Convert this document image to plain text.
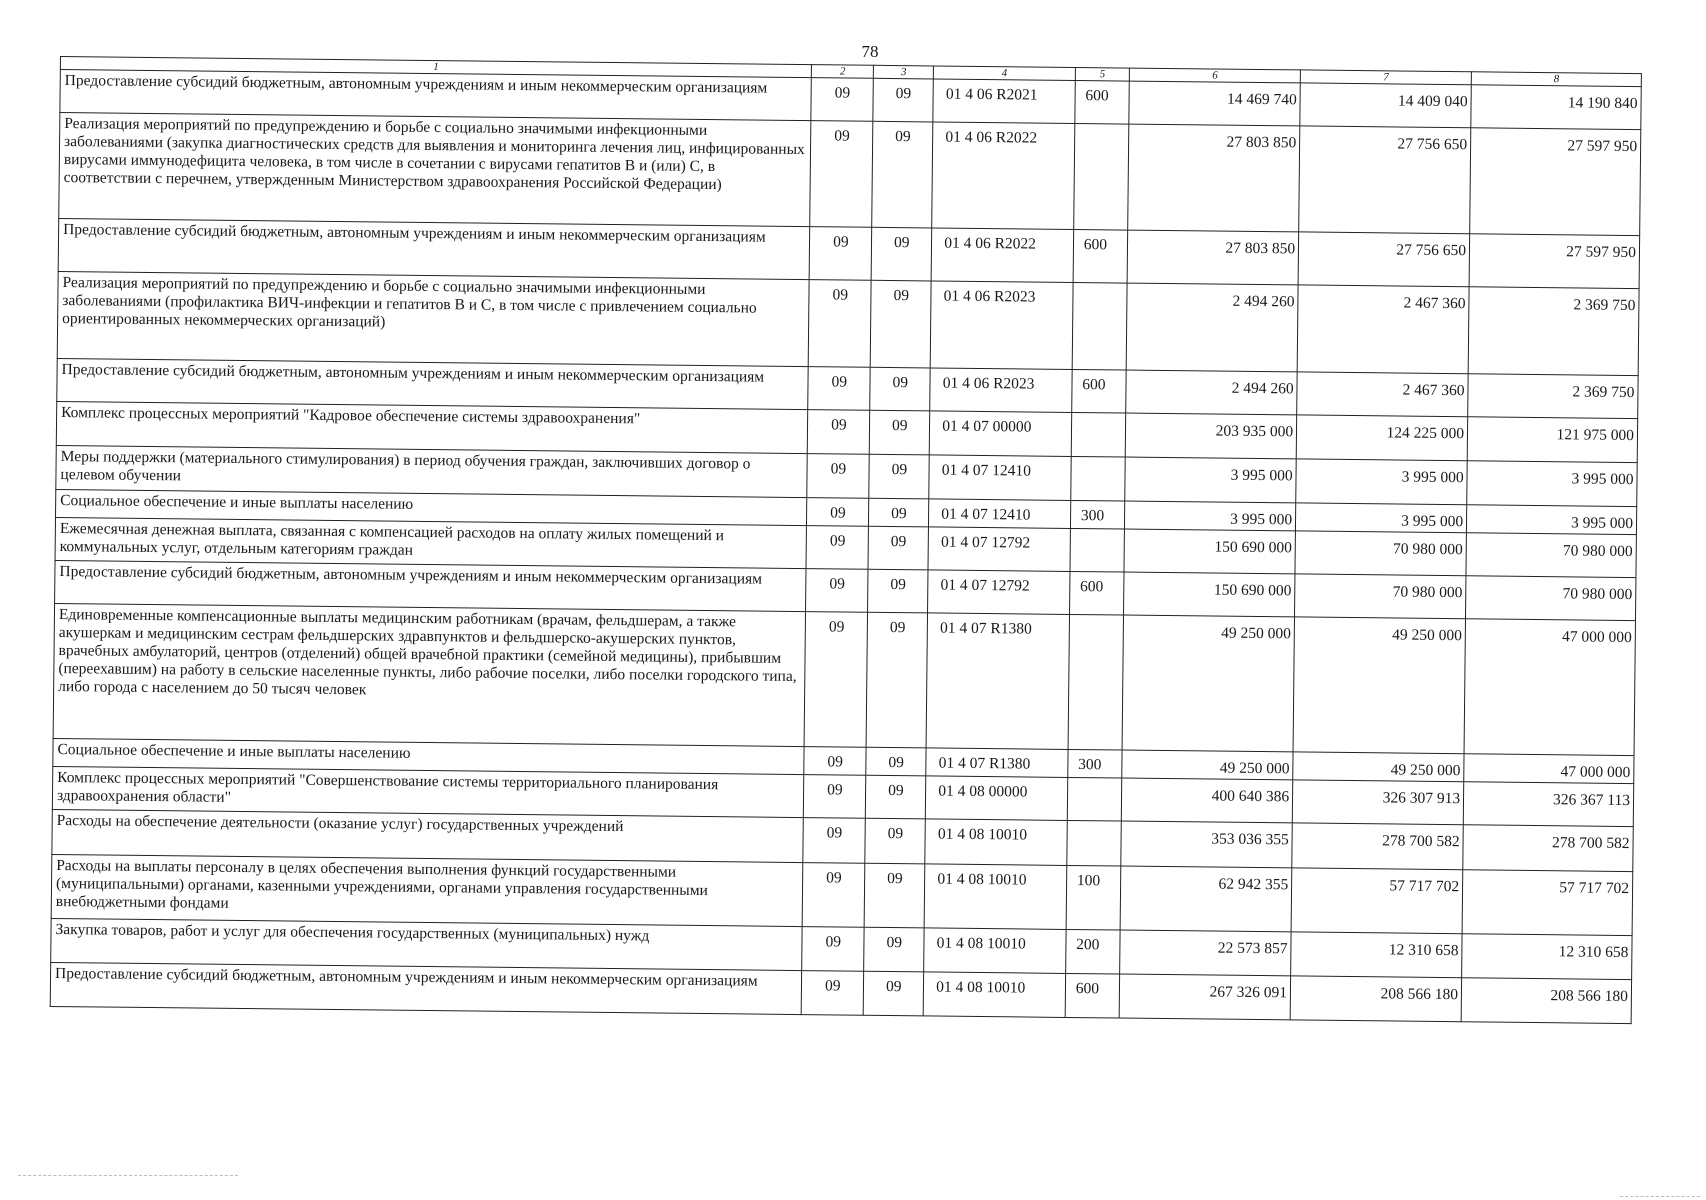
78
1	2	3	4	5	6	7	8
Предоставление субсидий бюджетным, автономным учреждениям и иным некоммерческим организациям	09	09	01 4 06 R2021	600	14 469 740	14 409 040	14 190 840
Реализация мероприятий по предупреждению и борьбе с социально значимыми инфекционными заболеваниями (закупка диагностических средств для выявления и мониторинга лечения лиц, инфицированных вирусами иммунодефицита человека, в том числе в сочетании с вирусами гепатитов B и (или) C, в соответствии с перечнем, утвержденным Министерством здравоохранения Российской Федерации)	09	09	01 4 06 R2022		27 803 850	27 756 650	27 597 950
Предоставление субсидий бюджетным, автономным учреждениям и иным некоммерческим организациям	09	09	01 4 06 R2022	600	27 803 850	27 756 650	27 597 950
Реализация мероприятий по предупреждению и борьбе с социально значимыми инфекционными заболеваниями (профилактика ВИЧ-инфекции и гепатитов B и C, в том числе с привлечением социально ориентированных некоммерческих организаций)	09	09	01 4 06 R2023		2 494 260	2 467 360	2 369 750
Предоставление субсидий бюджетным, автономным учреждениям и иным некоммерческим организациям	09	09	01 4 06 R2023	600	2 494 260	2 467 360	2 369 750
Комплекс процессных мероприятий "Кадровое обеспечение системы здравоохранения"	09	09	01 4 07 00000		203 935 000	124 225 000	121 975 000
Меры поддержки (материального стимулирования) в период обучения граждан, заключивших договор о целевом обучении	09	09	01 4 07 12410		3 995 000	3 995 000	3 995 000
Социальное обеспечение и иные выплаты населению	09	09	01 4 07 12410	300	3 995 000	3 995 000	3 995 000
Ежемесячная денежная выплата, связанная с компенсацией расходов на оплату жилых помещений и коммунальных услуг, отдельным категориям граждан	09	09	01 4 07 12792		150 690 000	70 980 000	70 980 000
Предоставление субсидий бюджетным, автономным учреждениям и иным некоммерческим организациям	09	09	01 4 07 12792	600	150 690 000	70 980 000	70 980 000
Единовременные компенсационные выплаты медицинским работникам (врачам, фельдшерам, а также акушеркам и медицинским сестрам фельдшерских здравпунктов и фельдшерско-акушерских пунктов, врачебных амбулаторий, центров (отделений) общей врачебной практики (семейной медицины), прибывшим (переехавшим) на работу в сельские населенные пункты, либо рабочие поселки, либо поселки городского типа, либо города с населением до 50 тысяч человек	09	09	01 4 07 R1380		49 250 000	49 250 000	47 000 000
Социальное обеспечение и иные выплаты населению	09	09	01 4 07 R1380	300	49 250 000	49 250 000	47 000 000
Комплекс процессных мероприятий "Совершенствование системы территориального планирования здравоохранения области"	09	09	01 4 08 00000		400 640 386	326 307 913	326 367 113
Расходы на обеспечение деятельности (оказание услуг) государственных учреждений	09	09	01 4 08 10010		353 036 355	278 700 582	278 700 582
Расходы на выплаты персоналу в целях обеспечения выполнения функций государственными (муниципальными) органами, казенными учреждениями, органами управления государственными внебюджетными фондами	09	09	01 4 08 10010	100	62 942 355	57 717 702	57 717 702
Закупка товаров, работ и услуг для обеспечения государственных (муниципальных) нужд	09	09	01 4 08 10010	200	22 573 857	12 310 658	12 310 658
Предоставление субсидий бюджетным, автономным учреждениям и иным некоммерческим организациям	09	09	01 4 08 10010	600	267 326 091	208 566 180	208 566 180
